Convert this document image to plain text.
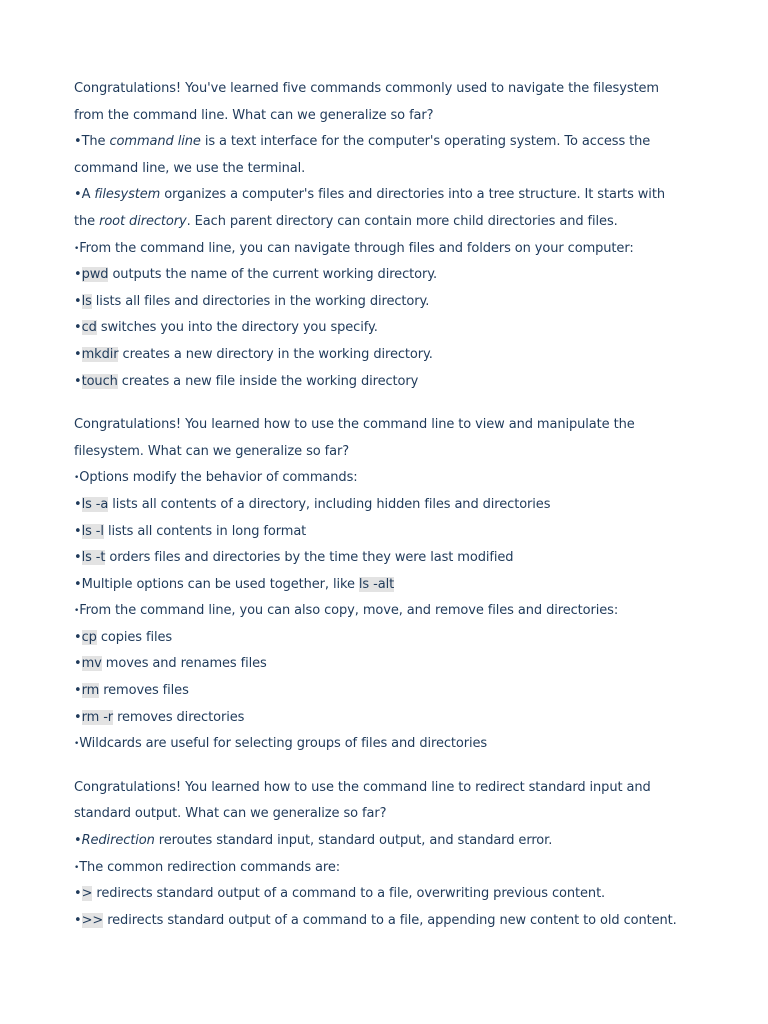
Congratulations! You've learned five commands commonly used to navigate the filesystem
from the command line. What can we generalize so far?
•The command line is a text interface for the computer's operating system. To access the
command line, we use the terminal.
•A filesystem organizes a computer's files and directories into a tree structure. It starts with
the root directory. Each parent directory can contain more child directories and files.
•From the command line, you can navigate through files and folders on your computer:
•pwd outputs the name of the current working directory.
•ls lists all files and directories in the working directory.
•cd switches you into the directory you specify.
•mkdir creates a new directory in the working directory.
•touch creates a new file inside the working directory
Congratulations! You learned how to use the command line to view and manipulate the
filesystem. What can we generalize so far?
•Options modify the behavior of commands:
•ls -a lists all contents of a directory, including hidden files and directories
•ls -l lists all contents in long format
•ls -t orders files and directories by the time they were last modified
•Multiple options can be used together, like ls -alt
•From the command line, you can also copy, move, and remove files and directories:
•cp copies files
•mv moves and renames files
•rm removes files
•rm -r removes directories
•Wildcards are useful for selecting groups of files and directories
Congratulations! You learned how to use the command line to redirect standard input and
standard output. What can we generalize so far?
•Redirection reroutes standard input, standard output, and standard error.
•The common redirection commands are:
•> redirects standard output of a command to a file, overwriting previous content.
•>> redirects standard output of a command to a file, appending new content to old content.
